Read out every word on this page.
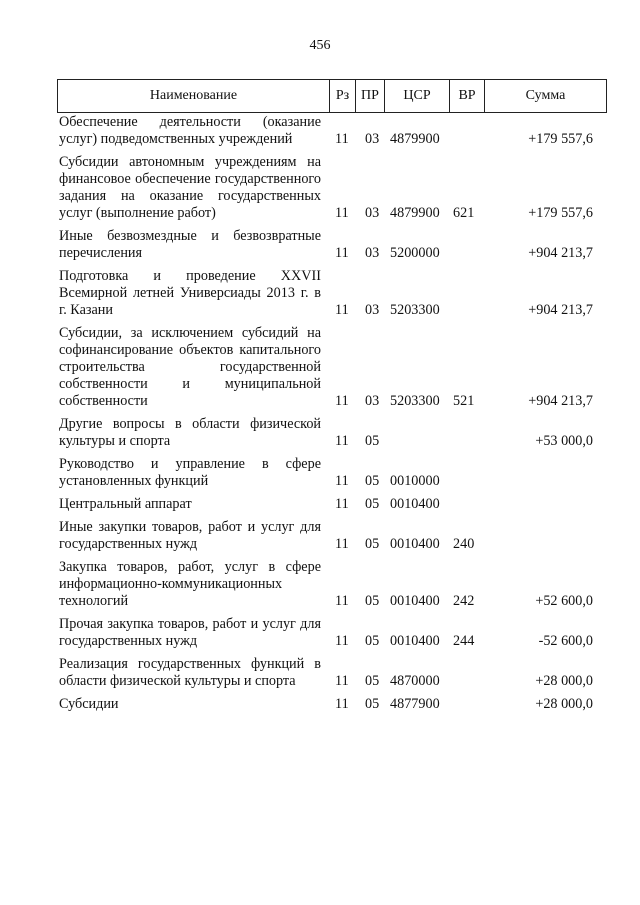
456
Наименование	Рз ПР	ЦСР	ВР	Сумма
Обеспечение деятельности (оказание услуг) подведомственных учреждений	11 03 4879900	+179 557,6
Субсидии автономным учреждениям на финансовое обеспечение государственного задания на оказание государственных услуг (выполнение работ)	11 03 4879900 621	+179 557,6
Иные безвозмездные и безвозвратные перечисления	11 03 5200000	+904 213,7
Подготовка и проведение XXVII Всемирной летней Универсиады 2013 г. в г. Казани	11 03 5203300	+904 213,7
Субсидии, за исключением субсидий на софинансирование объектов капитального строительства государственной собственности и муниципальной собственности	11 03 5203300 521	+904 213,7
Другие вопросы в области физической культуры и спорта	11 05	+53 000,0
Руководство и управление в сфере установленных функций	11 05 0010000
Центральный аппарат	11 05 0010400
Иные закупки товаров, работ и услуг для государственных нужд	11 05 0010400 240
Закупка товаров, работ, услуг в сфере информационно-коммуникационных технологий	11 05 0010400 242	+52 600,0
Прочая закупка товаров, работ и услуг для государственных нужд	11 05 0010400 244	-52 600,0
Реализация государственных функций в области физической культуры и спорта	11 05 4870000	+28 000,0
Субсидии	11 05 4877900	+28 000,0
